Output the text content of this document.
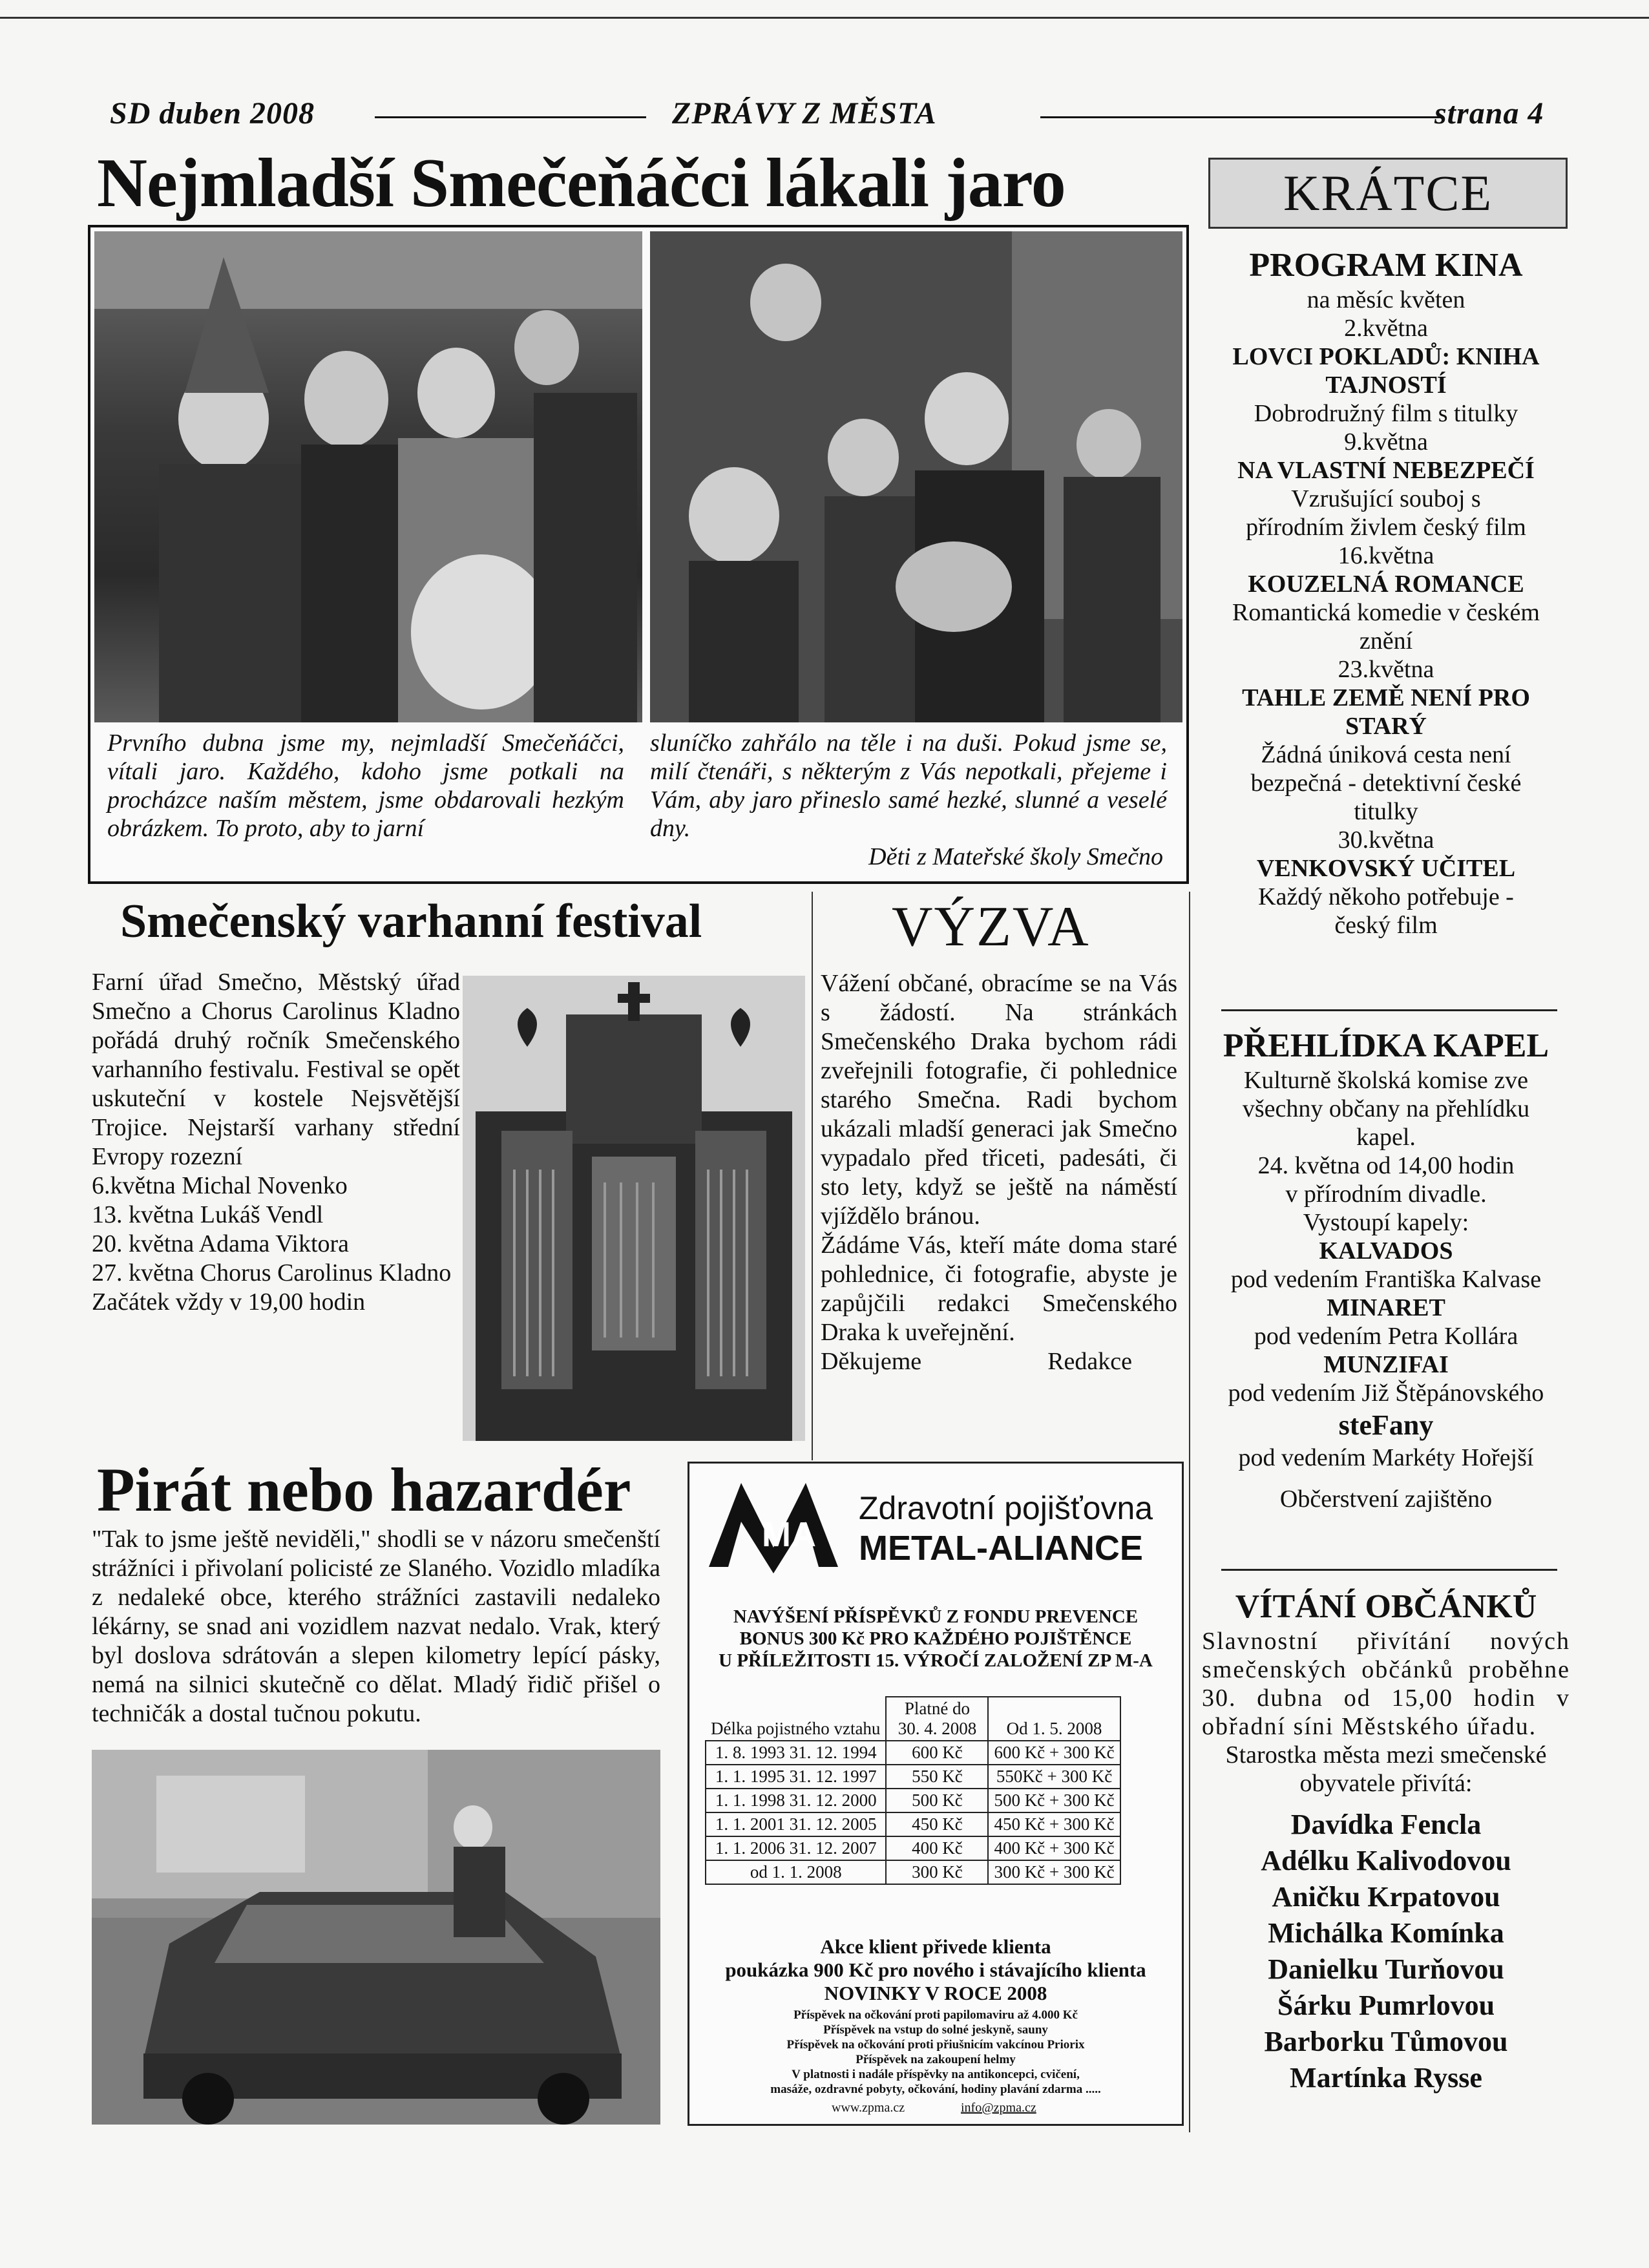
SD duben 2008	ZPRÁVY Z MĚSTA	strana 4
Nejmladší Smečeňáčci lákali jaro
Prvního dubna jsme my, nejmladší Smečeňáčci, vítali jaro. Každého, kdoho jsme potkali na procházce naším městem, jsme obdarovali hezkým obrázkem. To proto, aby to jarní
sluníčko zahřálo na těle i na duši. Pokud jsme se, milí čtenáři, s některým z Vás nepotkali, přejeme i Vám, aby jaro přineslo samé hezké, slunné a veselé dny.
Děti z Mateřské školy Smečno
KRÁTCE
PROGRAM KINA
na měsíc květen
2.května
LOVCI POKLADŮ: KNIHA TAJNOSTÍ
Dobrodružný film s titulky
9.května
NA VLASTNÍ NEBEZPEČÍ
Vzrušující souboj s přírodním živlem český film
16.května
KOUZELNÁ ROMANCE
Romantická komedie v českém znění
23.května
TAHLE ZEMĚ NENÍ PRO STARÝ
Žádná úniková cesta není bezpečná - detektivní české titulky
30.května
VENKOVSKÝ UČITEL
Každý někoho potřebuje - český film
PŘEHLÍDKA KAPEL
Kulturně školská komise zve všechny občany na přehlídku kapel.
24. května od 14,00 hodin
v přírodním divadle.
Vystoupí kapely:
KALVADOS
pod vedením Františka Kalvase
MINARET
pod vedením Petra Kollára
MUNZIFAI
pod vedením Již Štěpánovského
steFany
pod vedením Markéty Hořejší
Občerstvení zajištěno
VÍTÁNÍ OBČÁNKŮ
Slavnostní přivítání nových smečenských občánků proběhne 30. dubna od 15,00 hodin v obřadní síni Městského úřadu.
Starostka města mezi smečenské obyvatele přivítá:
Davídka Fencla
Adélku Kalivodovou
Aničku Krpatovou
Michálka Komínka
Danielku Turňovou
Šárku Pumrlovou
Barborku Tůmovou
Martínka Rysse
Smečenský varhanní festival
Farní úřad Smečno, Městský úřad Smečno a Chorus Carolinus Kladno pořádá druhý ročník Smečenského varhanního festivalu. Festival se opět uskuteční v kostele Nejsvětější Trojice. Nejstarší varhany střední Evropy rozezní
6.května Michal Novenko
13. května Lukáš Vendl
20. května Adama Viktora
27. května Chorus Carolinus Kladno
Začátek vždy v 19,00 hodin
VÝZVA
Vážení občané, obracíme se na Vás s žádostí. Na stránkách Smečenského Draka bychom rádi zveřejnili fotografie, či pohlednice starého Smečna. Radi bychom ukázali mladší generaci jak Smečno vypadalo před třiceti, padesáti, či sto lety, když se ještě na náměstí vjíždělo bránou.
Žádáme Vás, kteří máte doma staré pohlednice, či fotografie, abyste je zapůjčili redakci Smečenského Draka k uveřejnění.
Děkujeme	Redakce
Pirát nebo hazardér
"Tak to jsme ještě neviděli," shodli se v názoru smečenští strážníci i přivolaní policisté ze Slaného. Vozidlo mladíka z nedaleké obce, kterého strážníci zastavili nedaleko lékárny, se snad ani vozidlem nazvat nedalo. Vrak, který byl doslova sdrátován a slepen kilometry lepící pásky, nemá na silnici skutečně co dělat. Mladý řidič přišel o techničák a dostal tučnou pokutu.
MA
Zdravotní pojišťovna
METAL-ALIANCE
NAVÝŠENÍ PŘÍSPĚVKŮ Z FONDU PREVENCE
BONUS 300 Kč PRO KAŽDÉHO POJIŠTĚNCE
U PŘÍLEŽITOSTI 15. VÝROČÍ ZALOŽENÍ ZP M-A
Délka pojistného vztahu	Platné do 30. 4. 2008	Od 1. 5. 2008
1. 8. 1993 31. 12. 1994	600 Kč	600 Kč + 300 Kč
1. 1. 1995 31. 12. 1997	550 Kč	550Kč + 300 Kč
1. 1. 1998 31. 12. 2000	500 Kč	500 Kč + 300 Kč
1. 1. 2001 31. 12. 2005	450 Kč	450 Kč + 300 Kč
1. 1. 2006 31. 12. 2007	400 Kč	400 Kč + 300 Kč
od 1. 1. 2008	300 Kč	300 Kč + 300 Kč
Akce klient přivede klienta
poukázka 900 Kč pro nového i stávajícího klienta
NOVINKY V ROCE 2008
Příspěvek na očkování proti papilomaviru až 4.000 Kč
Příspěvek na vstup do solné jeskyně, sauny
Příspěvek na očkování proti přiušnicím vakcínou Priorix
Příspěvek na zakoupení helmy
V platnosti i nadále příspěvky na antikoncepci, cvičení,
masáže, ozdravné pobyty, očkování, hodiny plavání zdarma .....
www.zpma.cz	info@zpma.cz
